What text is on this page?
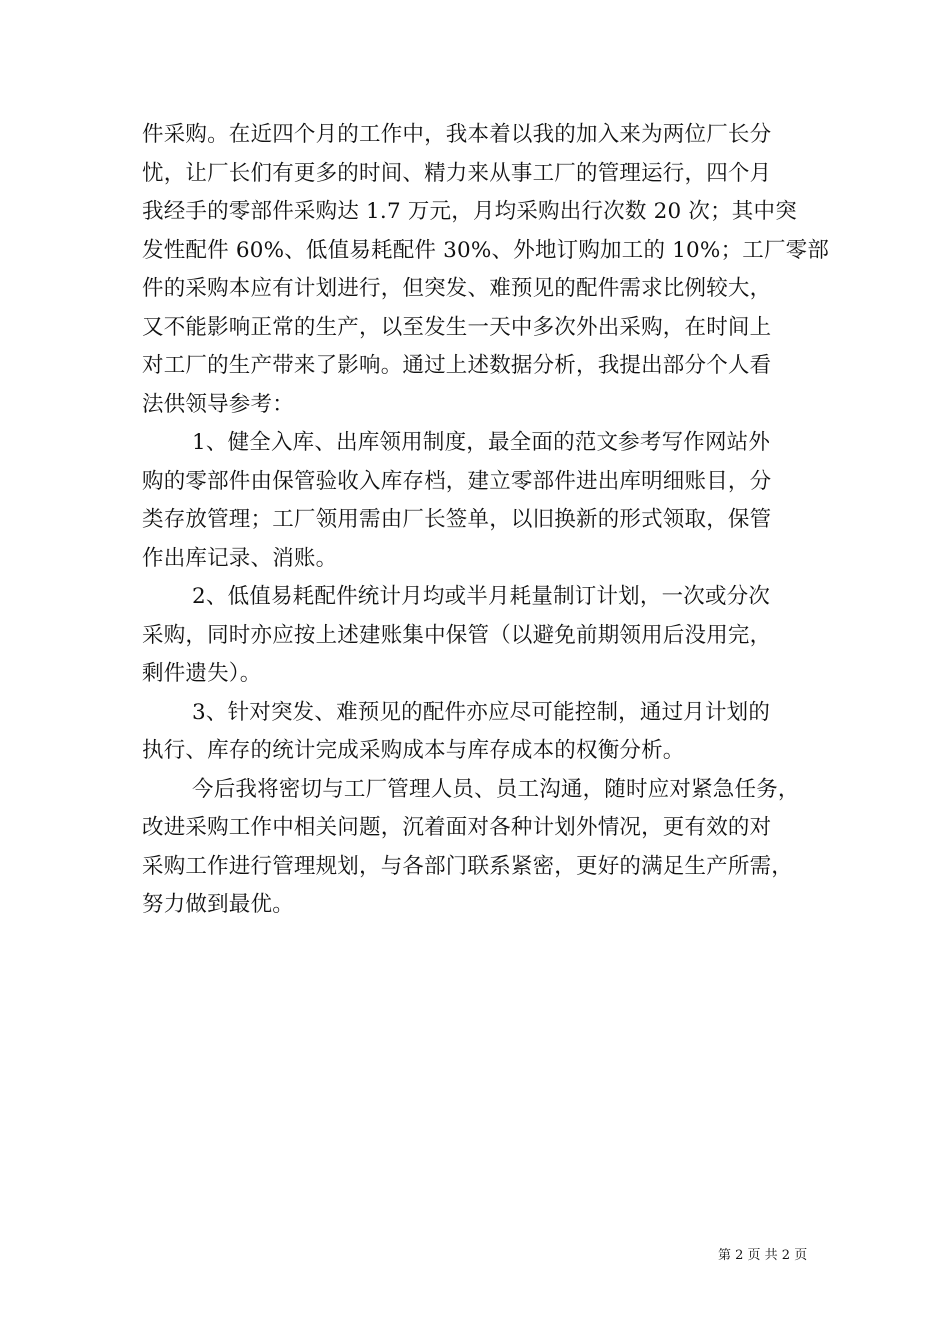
件采购。在近四个月的工作中，我本着以我的加入来为两位厂长分
忧，让厂长们有更多的时间、精力来从事工厂的管理运行，四个月
我经手的零部件采购达 1.7 万元，月均采购出行次数 20 次；其中突
发性配件 60%、低值易耗配件 30%、外地订购加工的 10%；工厂零部
件的采购本应有计划进行，但突发、难预见的配件需求比例较大，
又不能影响正常的生产，以至发生一天中多次外出采购，在时间上
对工厂的生产带来了影响。通过上述数据分析，我提出部分个人看
法供领导参考：
1、健全入库、出库领用制度，最全面的范文参考写作网站外
购的零部件由保管验收入库存档，建立零部件进出库明细账目，分
类存放管理；工厂领用需由厂长签单，以旧换新的形式领取，保管
作出库记录、消账。
2、低值易耗配件统计月均或半月耗量制订计划，一次或分次
采购，同时亦应按上述建账集中保管（以避免前期领用后没用完，
剩件遗失）。
3、针对突发、难预见的配件亦应尽可能控制，通过月计划的
执行、库存的统计完成采购成本与库存成本的权衡分析。
今后我将密切与工厂管理人员、员工沟通，随时应对紧急任务，
改进采购工作中相关问题，沉着面对各种计划外情况，更有效的对
采购工作进行管理规划，与各部门联系紧密，更好的满足生产所需，
努力做到最优。
第 2 页 共 2 页
